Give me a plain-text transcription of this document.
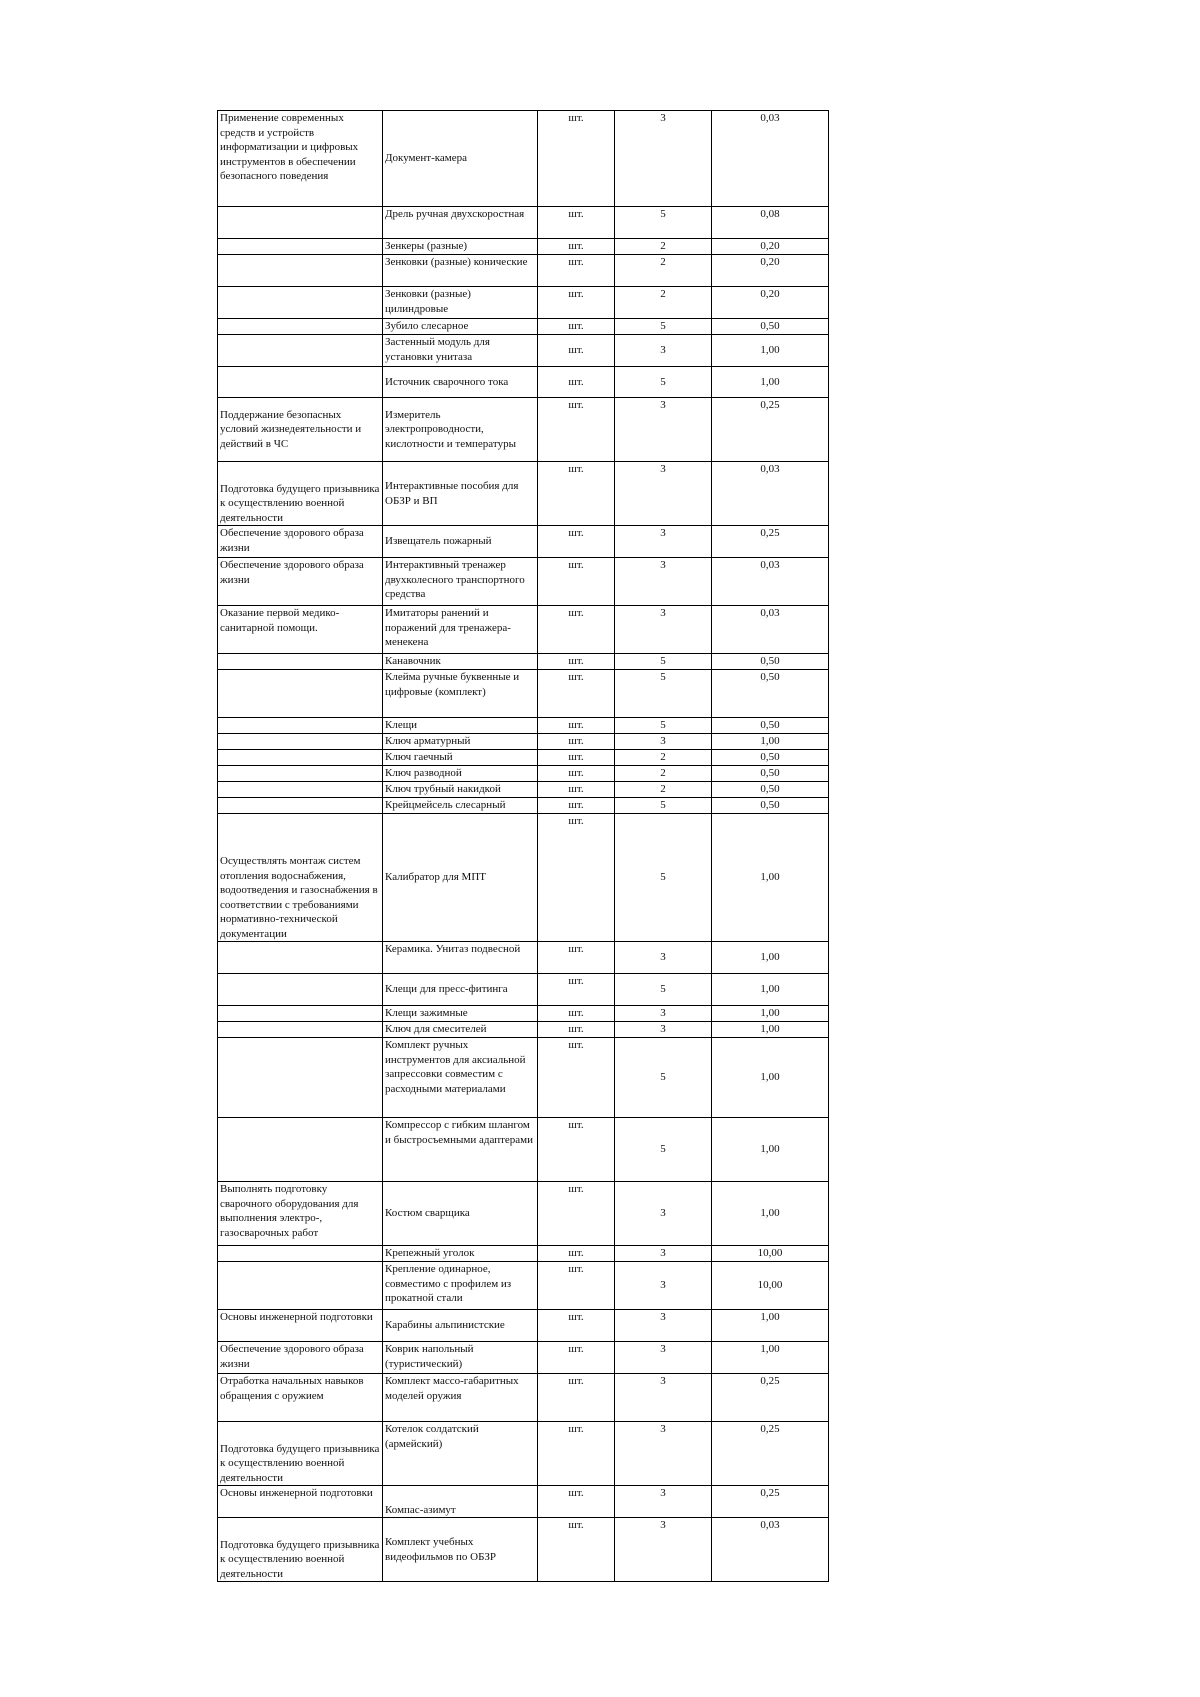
Применение современных средств и устройств информатизации и цифровых инструментов в обеспечении безопасного поведения	Документ-камера	шт.	3	0,03
	Дрель ручная двухскоростная	шт.	5	0,08
	Зенкеры (разные)	шт.	2	0,20
	Зенковки (разные) конические	шт.	2	0,20
	Зенковки (разные) цилиндровые	шт.	2	0,20
	Зубило слесарное	шт.	5	0,50
	Застенный модуль для установки унитаза	шт.	3	1,00
	Источник сварочного тока	шт.	5	1,00
Поддержание безопасных условий жизнедеятельности и действий в ЧС	Измеритель электропроводности, кислотности и температуры	шт.	3	0,25
Подготовка будущего призывника к осуществлению военной деятельности	Интерактивные пособия для ОБЗР и ВП	шт.	3	0,03
Обеспечение здорового образа жизни	Извещатель пожарный	шт.	3	0,25
Обеспечение здорового образа жизни	Интерактивный тренажер двухколесного транспортного средства	шт.	3	0,03
Оказание первой медико-санитарной помощи.	Имитаторы ранений и поражений для тренажера-менекена	шт.	3	0,03
	Канавочник	шт.	5	0,50
	Клейма ручные буквенные и цифровые (комплект)	шт.	5	0,50
	Клещи	шт.	5	0,50
	Ключ арматурный	шт.	3	1,00
	Ключ гаечный	шт.	2	0,50
	Ключ разводной	шт.	2	0,50
	Ключ трубный накидкой	шт.	2	0,50
	Крейцмейсель слесарный	шт.	5	0,50
Осуществлять монтаж систем отопления водоснабжения, водоотведения и газоснабжения в соответствии с требованиями нормативно-технической документации	Калибратор для МПТ	шт.	5	1,00
	Керамика. Унитаз подвесной	шт.	3	1,00
	Клещи для пресс-фитинга	шт.	5	1,00
	Клещи зажимные	шт.	3	1,00
	Ключ для смесителей	шт.	3	1,00
	Комплект ручных инструментов для аксиальной запрессовки совместим с расходными материалами	шт.	5	1,00
	Компрессор с гибким шлангом и быстросъемными адаптерами	шт.	5	1,00
Выполнять подготовку сварочного оборудования для выполнения электро-, газосварочных работ	Костюм сварщика	шт.	3	1,00
	Крепежный уголок	шт.	3	10,00
	Крепление одинарное, совместимо с профилем из прокатной стали	шт.	3	10,00
Основы инженерной подготовки	Карабины альпинистские	шт.	3	1,00
Обеспечение здорового образа жизни	Коврик напольный (туристический)	шт.	3	1,00
Отработка начальных навыков обращения с оружием	Комплект массо-габаритных моделей оружия	шт.	3	0,25
Подготовка будущего призывника к осуществлению военной деятельности	Котелок солдатский (армейский)	шт.	3	0,25
Основы инженерной подготовки	Компас-азимут	шт.	3	0,25
Подготовка будущего призывника к осуществлению военной деятельности	Комплект учебных видеофильмов по ОБЗР	шт.	3	0,03
